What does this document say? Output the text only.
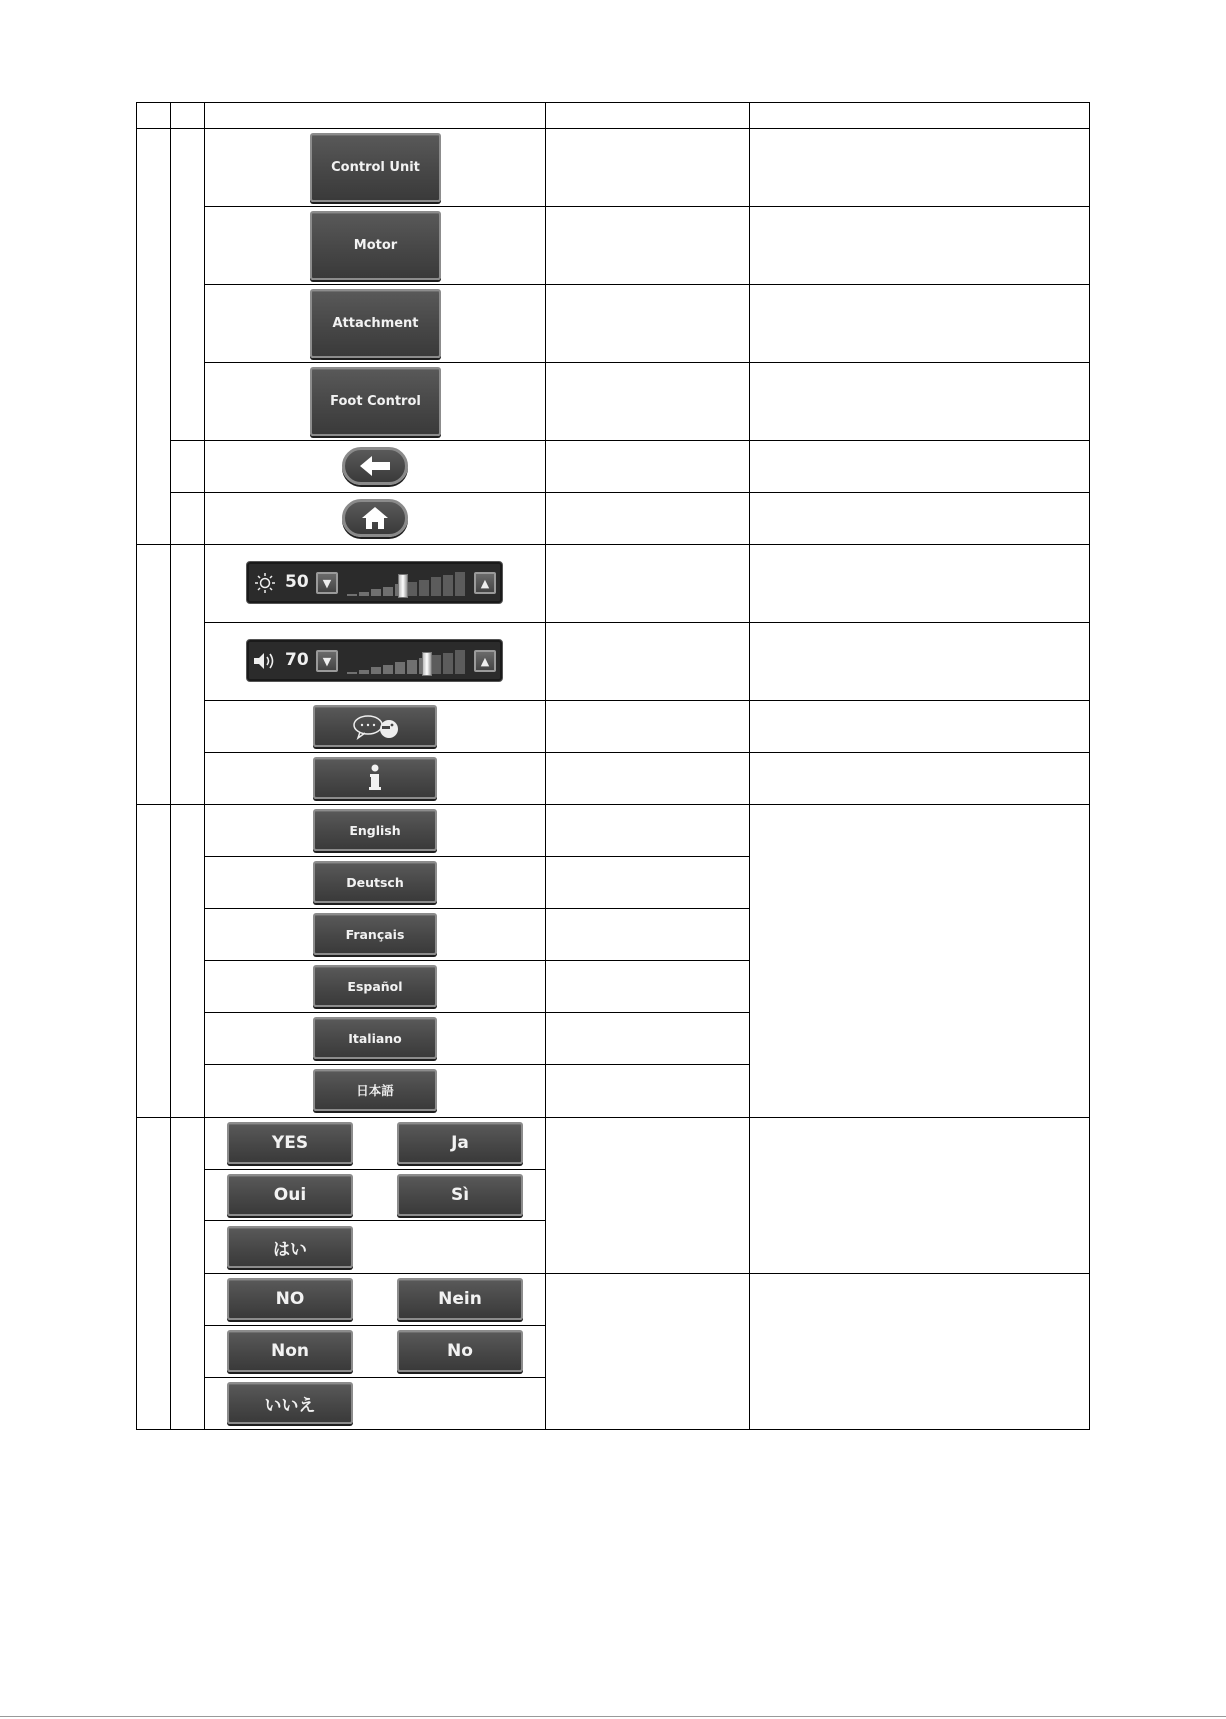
Control Unit
Motor
Attachment
Foot Control
50	▼	▲
70	▼	▲
English
Deutsch
Français
Español
Italiano
日本語
YES	Ja
Oui	Sì
はい
NO	Nein
Non	No
いいえ
